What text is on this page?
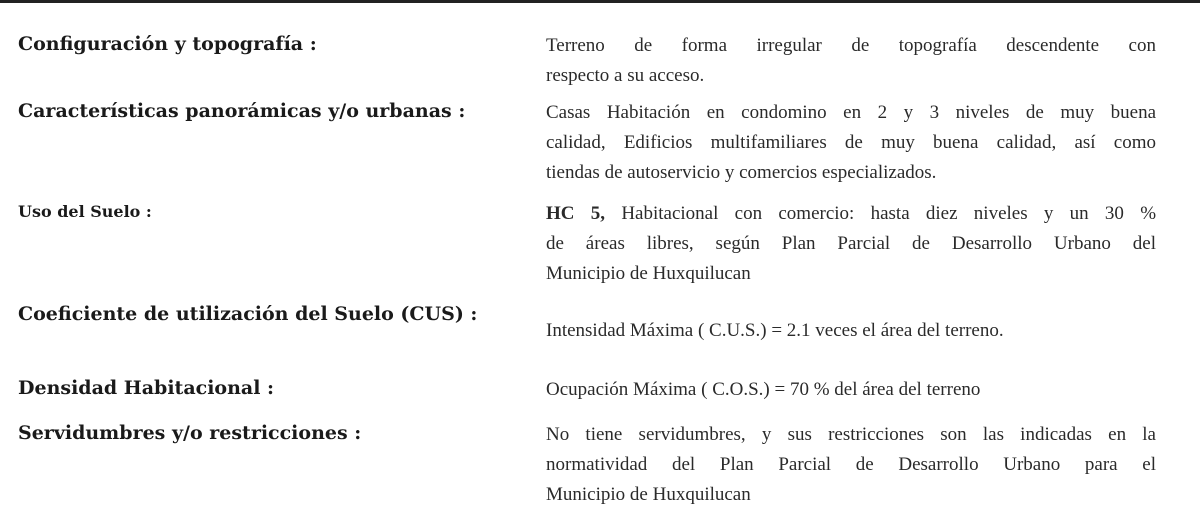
Configuración y topografía :	Terreno de forma irregular de topografía descendente con
respecto a su acceso.
Características panorámicas y/o urbanas :	Casas Habitación en condomino en 2 y 3 niveles de muy buena
calidad, Edificios multifamiliares de muy buena calidad, así como
tiendas de autoservicio y comercios especializados.
Uso del Suelo :	HC 5, Habitacional con comercio: hasta diez niveles y un 30 %
de áreas libres, según Plan Parcial de Desarrollo Urbano del
Municipio de Huxquilucan
Coeficiente de utilización del Suelo (CUS) :
Intensidad Máxima ( C.U.S.) = 2.1 veces el área del terreno.
Densidad Habitacional :	Ocupación Máxima ( C.O.S.) = 70 % del área del terreno
Servidumbres y/o restricciones :	No tiene servidumbres, y sus restricciones son las indicadas en la
normatividad del Plan Parcial de Desarrollo Urbano para el
Municipio de Huxquilucan
